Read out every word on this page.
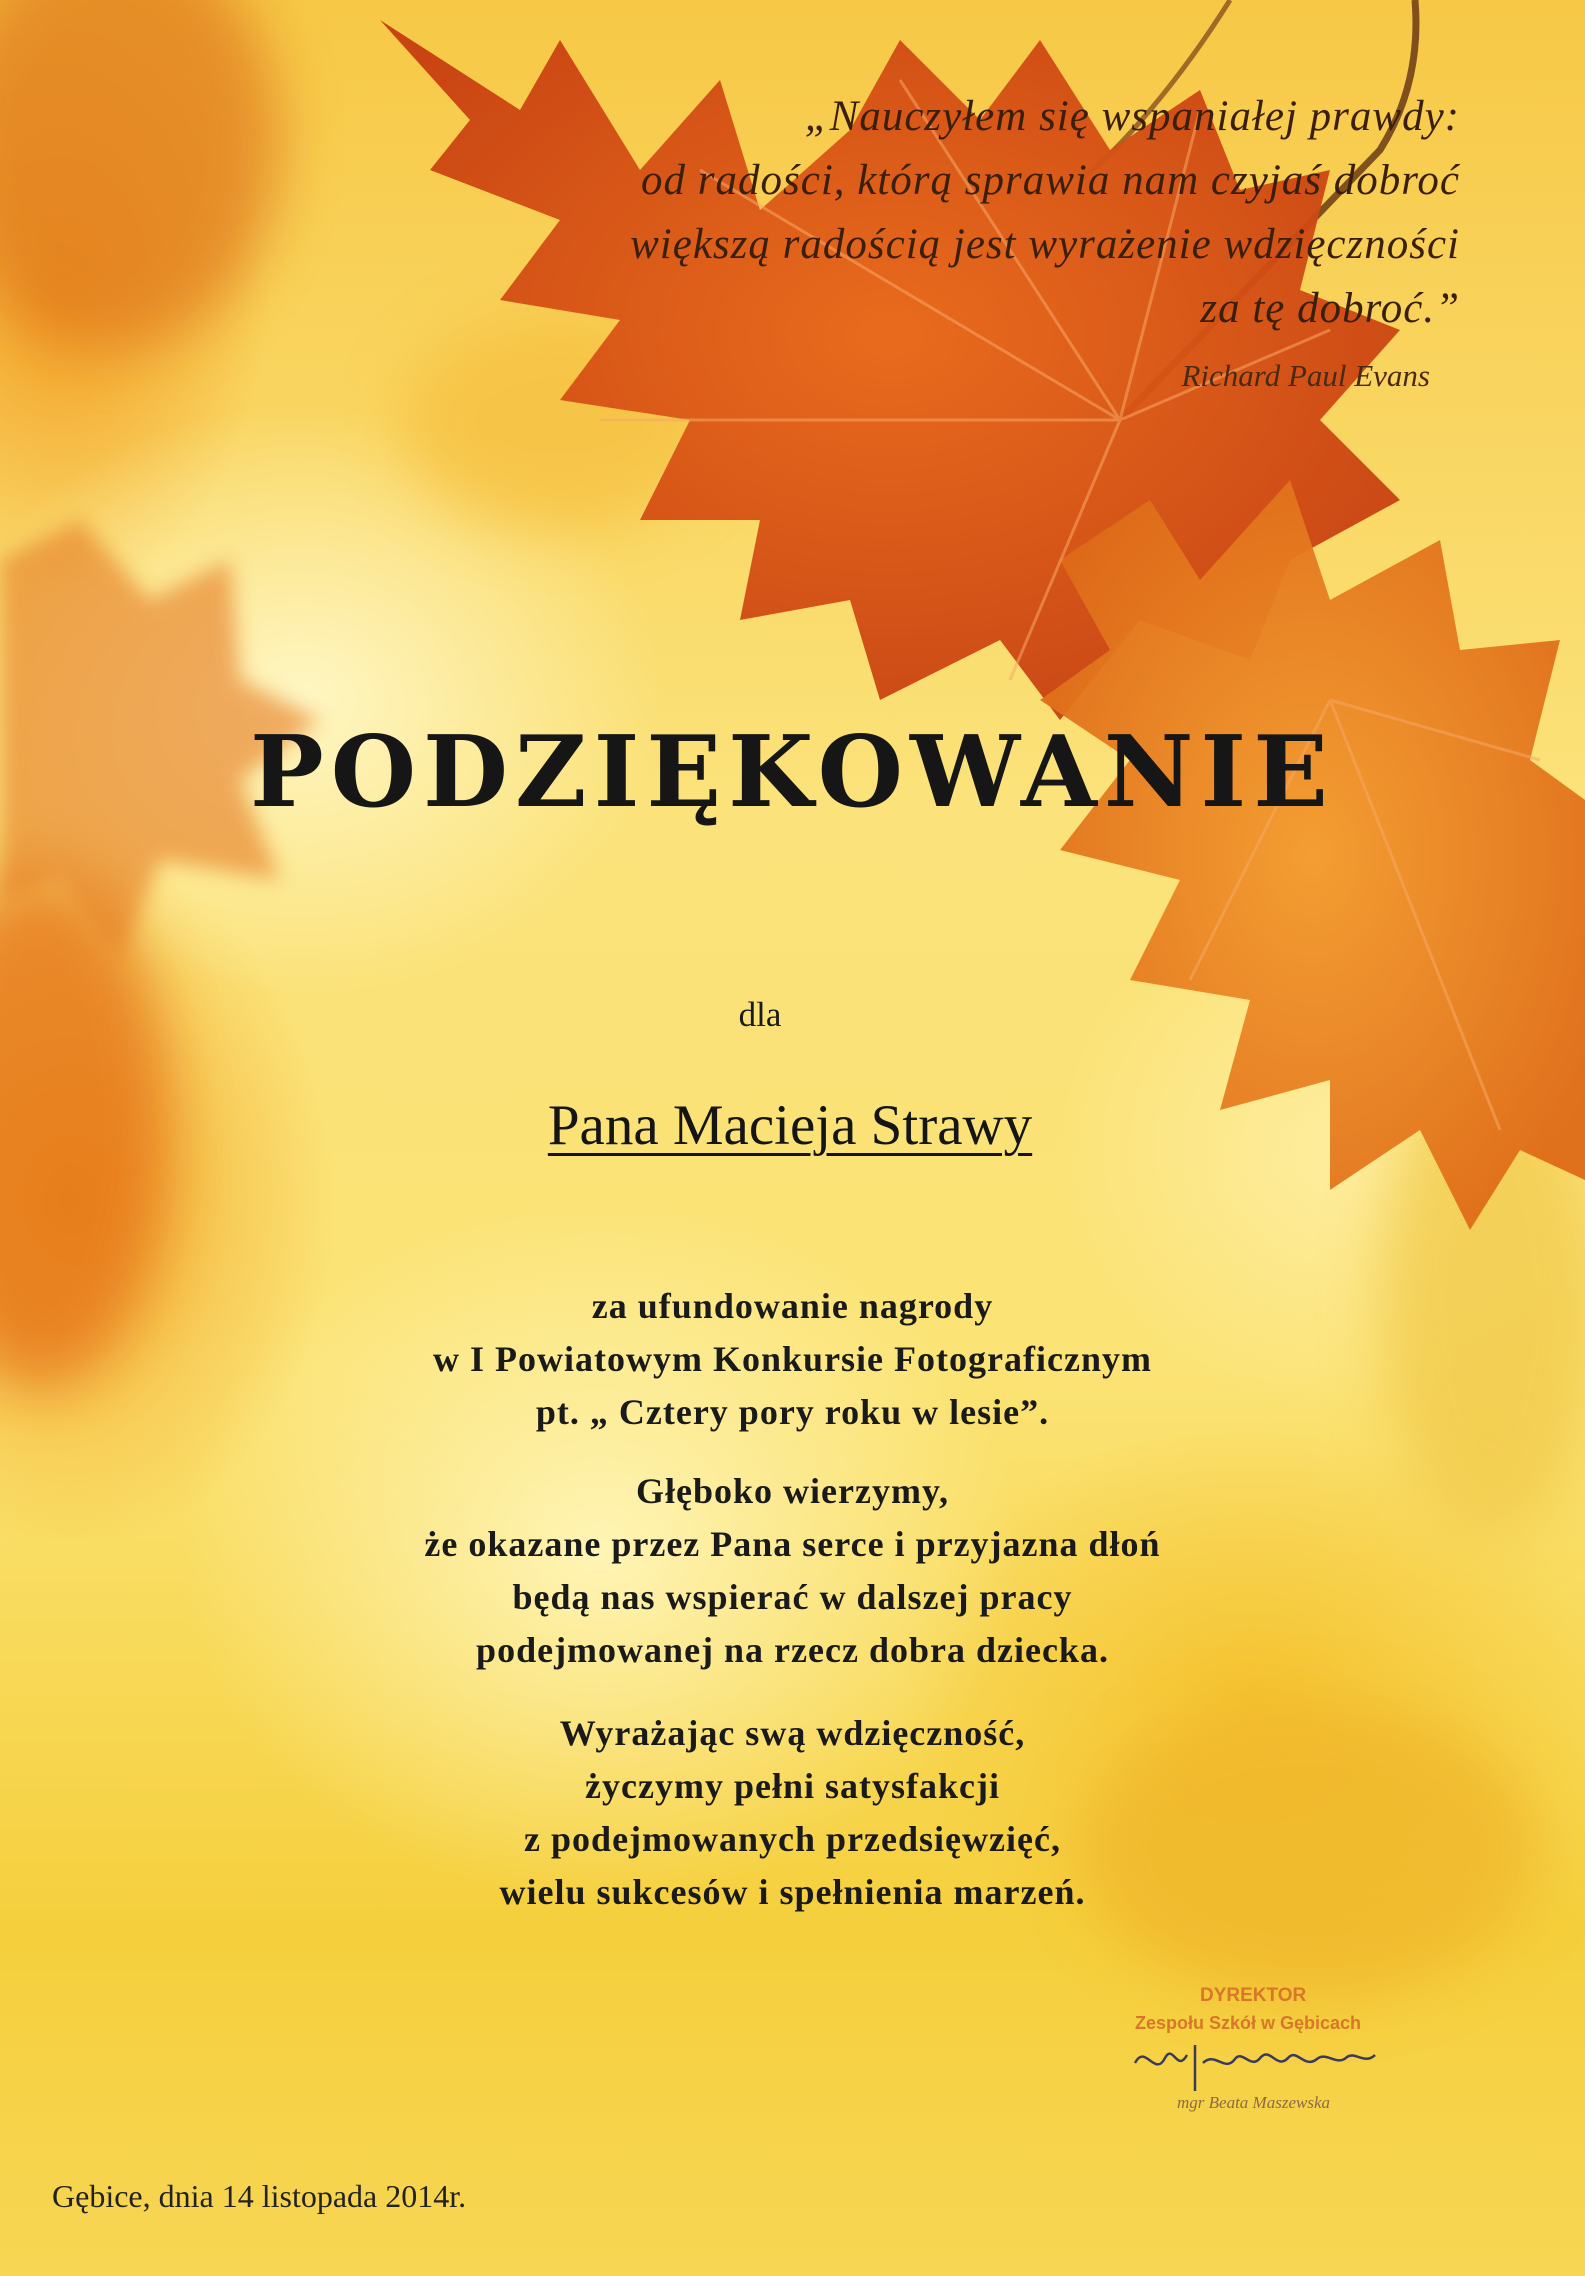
„Nauczyłem się wspaniałej prawdy:
od radości, którą sprawia nam czyjaś dobroć
większą radością jest wyrażenie wdzięczności
za tę dobroć.”
Richard Paul Evans
PODZIĘKOWANIE
dla
Pana Macieja Strawy
za ufundowanie nagrody
w I Powiatowym Konkursie Fotograficznym
pt. „ Cztery pory roku w lesie”.
Głęboko wierzymy,
że okazane przez Pana serce i przyjazna dłoń
będą nas wspierać w dalszej pracy
podejmowanej na rzecz dobra dziecka.
Wyrażając swą wdzięczność,
życzymy pełni satysfakcji
z podejmowanych przedsięwzięć,
wielu sukcesów i spełnienia marzeń.
DYREKTOR
Zespołu Szkół w Gębicach
mgr Beata Maszewska
Gębice, dnia 14 listopada 2014r.
